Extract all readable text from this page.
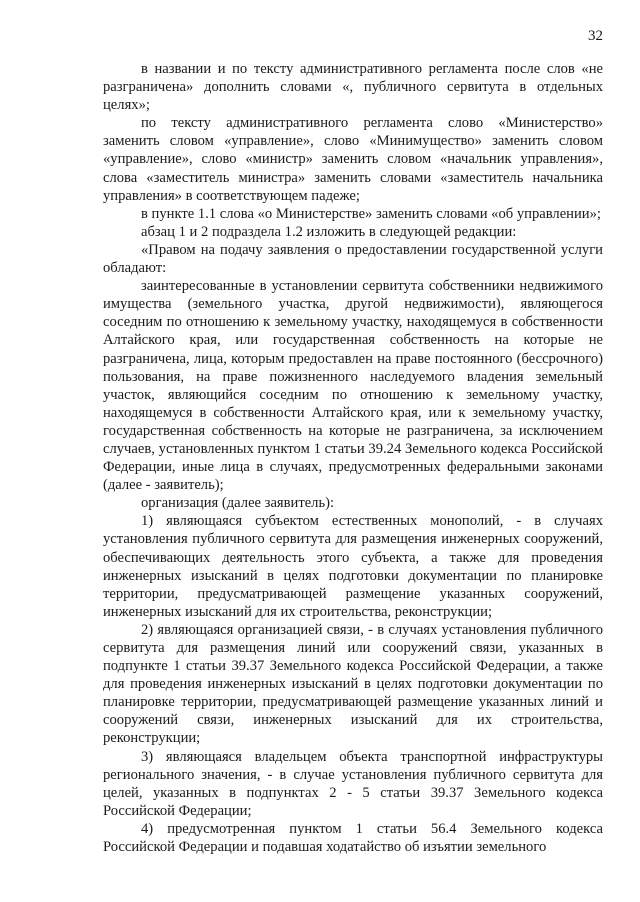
32

в названии и по тексту административного регламента после слов «не разграничена» дополнить словами «, публичного сервитута в отдельных целях»;

по тексту административного регламента слово «Министерство» заменить словом «управление», слово «Минимущество» заменить словом «управление», слово «министр» заменить словом «начальник управления», слова «заместитель министра» заменить словами «заместитель начальника управления» в соответствующем падеже;

в пункте 1.1 слова «о Министерстве» заменить словами «об управлении»;

абзац 1 и 2 подраздела 1.2 изложить в следующей редакции:

«Правом на подачу заявления о предоставлении государственной услуги обладают:

заинтересованные в установлении сервитута собственники недвижимого имущества (земельного участка, другой недвижимости), являющегося соседним по отношению к земельному участку, находящемуся в собственности Алтайского края, или государственная собственность на которые не разграничена, лица, которым предоставлен на праве постоянного (бессрочного) пользования, на праве пожизненного наследуемого владения земельный участок, являющийся соседним по отношению к земельному участку, находящемуся в собственности Алтайского края, или к земельному участку, государственная собственность на которые не разграничена, за исключением случаев, установленных пунктом 1 статьи 39.24 Земельного кодекса Российской Федерации, иные лица в случаях, предусмотренных федеральными законами (далее - заявитель);

организация (далее заявитель):

1) являющаяся субъектом естественных монополий, - в случаях установления публичного сервитута для размещения инженерных сооружений, обеспечивающих деятельность этого субъекта, а также для проведения инженерных изысканий в целях подготовки документации по планировке территории, предусматривающей размещение указанных сооружений, инженерных изысканий для их строительства, реконструкции;

2) являющаяся организацией связи, - в случаях установления публичного сервитута для размещения линий или сооружений связи, указанных в подпункте 1 статьи 39.37 Земельного кодекса Российской Федерации, а также для проведения инженерных изысканий в целях подготовки документации по планировке территории, предусматривающей размещение указанных линий и сооружений связи, инженерных изысканий для их строительства, реконструкции;

3) являющаяся владельцем объекта транспортной инфраструктуры регионального значения, - в случае установления публичного сервитута для целей, указанных в подпунктах 2 - 5 статьи 39.37 Земельного кодекса Российской Федерации;

4) предусмотренная пунктом 1 статьи 56.4 Земельного кодекса Российской Федерации и подавшая ходатайство об изъятии земельного
